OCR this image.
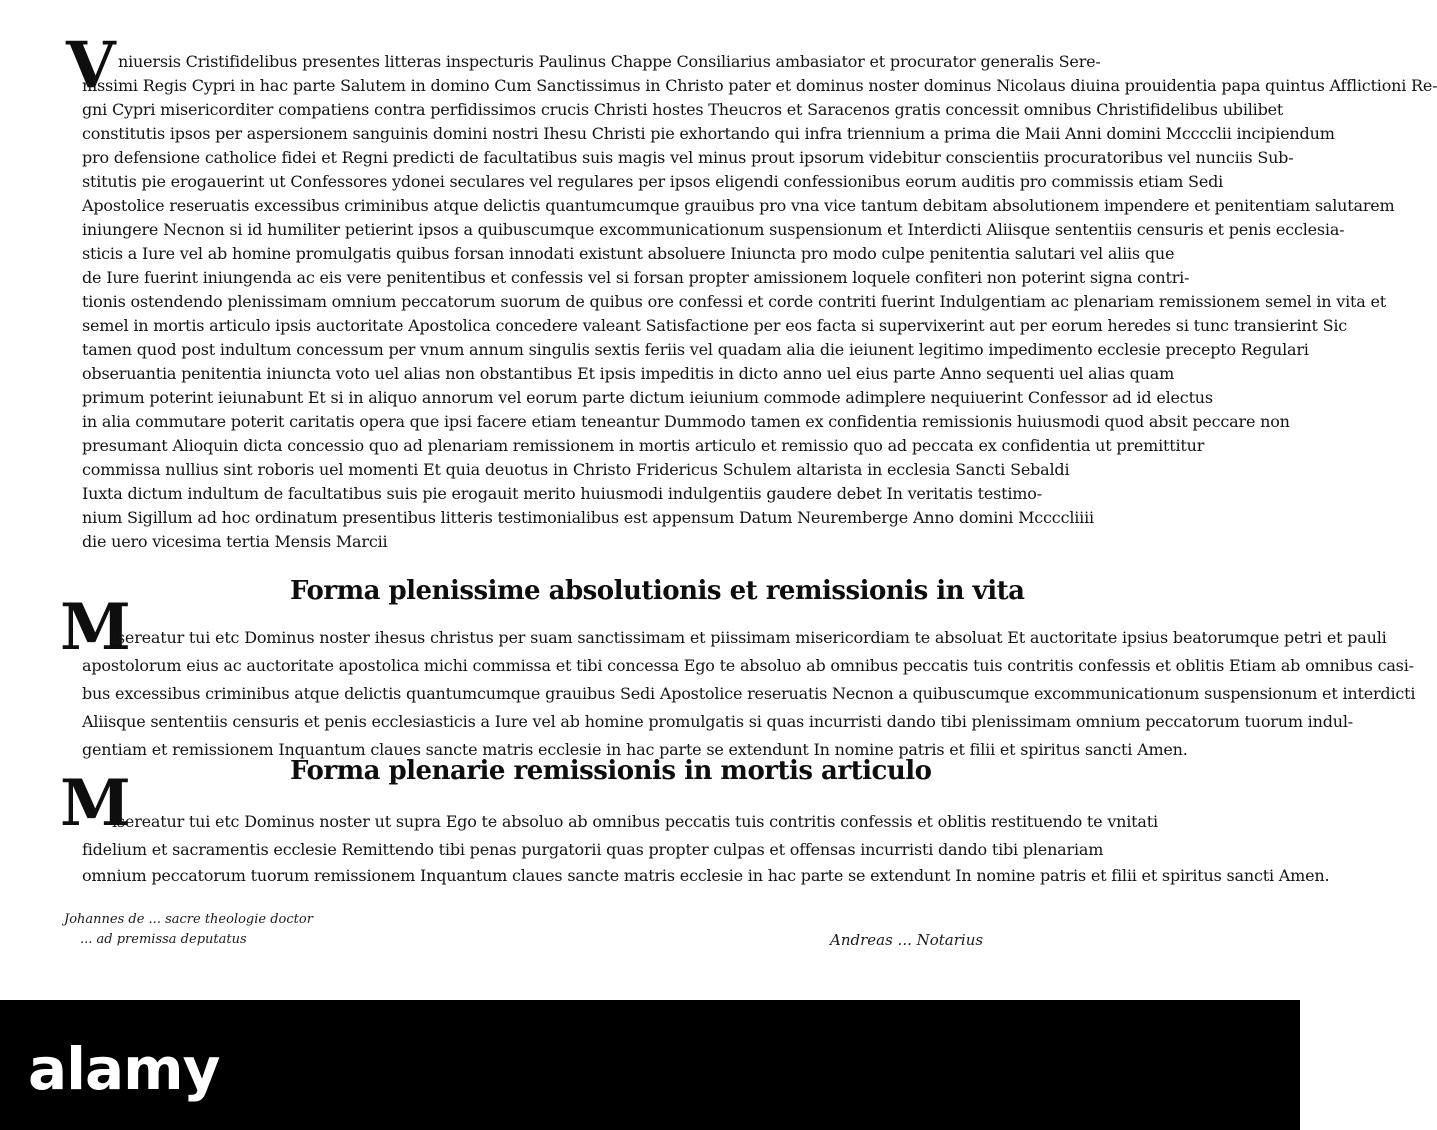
V niuersis Cristifidelibus presentes litteras inspecturis Paulinus Chappe Consiliarius ambasiator et procurator generalis Sere-
nissimi Regis Cypri in hac parte Salutem in domino Cum Sanctissimus in Christo pater et dominus noster dominus Nicolaus diuina prouidentia papa quintus Afflictioni Re-
gni Cypri misericorditer compatiens contra perfidissimos crucis Christi hostes Theucros et Saracenos gratis concessit omnibus Christifidelibus ubilibet
constitutis ipsos per aspersionem sanguinis domini nostri Ihesu Christi pie exhortando qui infra triennium a prima die Maii Anni domini Mcccclii incipiendum
pro defensione catholice fidei et Regni predicti de facultatibus suis magis vel minus prout ipsorum videbitur conscientiis procuratoribus vel nunciis Sub-
stitutis pie erogauerint ut Confessores ydonei seculares vel regulares per ipsos eligendi confessionibus eorum auditis pro commissis etiam Sedi
Apostolice reseruatis excessibus criminibus atque delictis quantumcumque grauibus pro vna vice tantum debitam absolutionem impendere et penitentiam salutarem
iniungere Necnon si id humiliter petierint ipsos a quibuscumque excommunicationum suspensionum et Interdicti Aliisque sententiis censuris et penis ecclesia-
sticis a Iure vel ab homine promulgatis quibus forsan innodati existunt absoluere Iniuncta pro modo culpe penitentia salutari vel aliis que
de Iure fuerint iniungenda ac eis vere penitentibus et confessis vel si forsan propter amissionem loquele confiteri non poterint signa contri-
tionis ostendendo plenissimam omnium peccatorum suorum de quibus ore confessi et corde contriti fuerint Indulgentiam ac plenariam remissionem semel in vita et
semel in mortis articulo ipsis auctoritate Apostolica concedere valeant Satisfactione per eos facta si supervixerint aut per eorum heredes si tunc transierint Sic
tamen quod post indultum concessum per vnum annum singulis sextis feriis vel quadam alia die ieiunent legitimo impedimento ecclesie precepto Regulari
obseruantia penitentia iniuncta voto uel alias non obstantibus Et ipsis impeditis in dicto anno uel eius parte Anno sequenti uel alias quam
primum poterint ieiunabunt Et si in aliquo annorum vel eorum parte dictum ieiunium commode adimplere nequiuerint Confessor ad id electus
in alia commutare poterit caritatis opera que ipsi facere etiam teneantur Dummodo tamen ex confidentia remissionis huiusmodi quod absit peccare non
presumant Alioquin dicta concessio quo ad plenariam remissionem in mortis articulo et remissio quo ad peccata ex confidentia ut premittitur
commissa nullius sint roboris uel momenti Et quia deuotus in Christo Fridericus Schulem altarista in ecclesia Sancti Sebaldi
Iuxta dictum indultum de facultatibus suis pie erogauit merito huiusmodi indulgentiis gaudere debet In veritatis testimo-
nium Sigillum ad hoc ordinatum presentibus litteris testimonialibus est appensum Datum Neuremberge Anno domini Mccccliiii
die uero vicesima tertia Mensis Marcii
Forma plenissime absolutionis et remissionis in vita
M
isereatur tui etc Dominus noster ihesus christus per suam sanctissimam et piissimam misericordiam te absoluat Et auctoritate ipsius beatorumque petri et pauli
apostolorum eius ac auctoritate apostolica michi commissa et tibi concessa Ego te absoluo ab omnibus peccatis tuis contritis confessis et oblitis Etiam ab omnibus casi-
bus excessibus criminibus atque delictis quantumcumque grauibus Sedi Apostolice reseruatis Necnon a quibuscumque excommunicationum suspensionum et interdicti
Aliisque sententiis censuris et penis ecclesiasticis a Iure vel ab homine promulgatis si quas incurristi dando tibi plenissimam omnium peccatorum tuorum indul-
gentiam et remissionem Inquantum claues sancte matris ecclesie in hac parte se extendunt In nomine patris et filii et spiritus sancti Amen.
Forma plenarie remissionis in mortis articulo
M
isereatur tui etc Dominus noster ut supra Ego te absoluo ab omnibus peccatis tuis contritis confessis et oblitis restituendo te vnitati
fidelium et sacramentis ecclesie Remittendo tibi penas purgatorii quas propter culpas et offensas incurristi dando tibi plenariam
omnium peccatorum tuorum remissionem Inquantum claues sancte matris ecclesie in hac parte se extendunt In nomine patris et filii et spiritus sancti Amen.
Johannes de ... sacre theologie doctor
... ad premissa deputatus	Andreas ... Notarius
alamy
